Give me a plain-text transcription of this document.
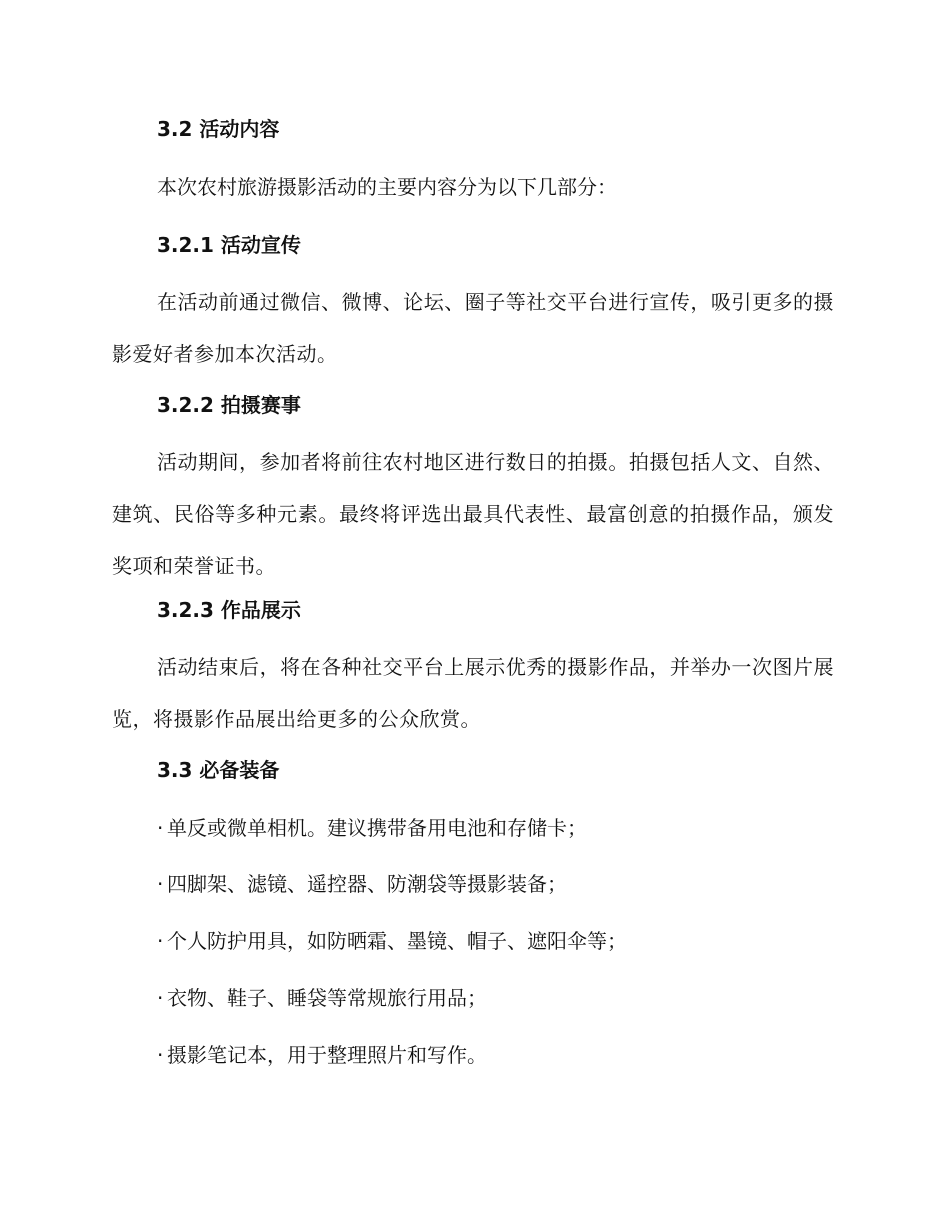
3.2 活动内容

本次农村旅游摄影活动的主要内容分为以下几部分：

3.2.1 活动宣传

在活动前通过微信、微博、论坛、圈子等社交平台进行宣传，吸引更多的摄影爱好者参加本次活动。

3.2.2 拍摄赛事

活动期间，参加者将前往农村地区进行数日的拍摄。拍摄包括人文、自然、建筑、民俗等多种元素。最终将评选出最具代表性、最富创意的拍摄作品，颁发奖项和荣誉证书。

3.2.3 作品展示

活动结束后，将在各种社交平台上展示优秀的摄影作品，并举办一次图片展览，将摄影作品展出给更多的公众欣赏。

3.3 必备装备

· 单反或微单相机。建议携带备用电池和存储卡；

· 四脚架、滤镜、遥控器、防潮袋等摄影装备；

· 个人防护用具，如防晒霜、墨镜、帽子、遮阳伞等；

· 衣物、鞋子、睡袋等常规旅行用品；

· 摄影笔记本，用于整理照片和写作。
